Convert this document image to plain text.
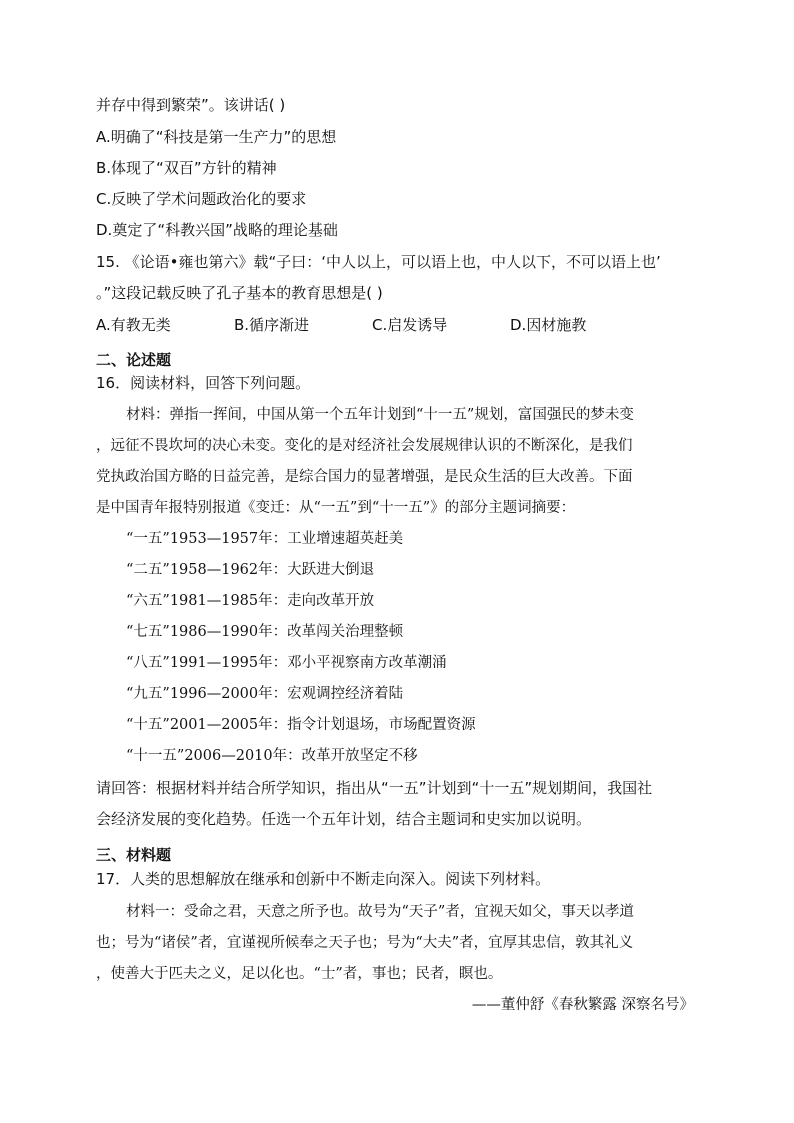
并存中得到繁荣”。该讲话( )
A.明确了“科技是第一生产力”的思想
B.体现了“双百”方针的精神
C.反映了学术问题政治化的要求
D.奠定了“科教兴国”战略的理论基础
15. 《论语•雍也第六》载“子曰：‘中人以上，可以语上也，中人以下，不可以语上也’
。”这段记载反映了孔子基本的教育思想是( )
A.有教无类	B.循序渐进	C.启发诱导	D.因材施教
二、论述题
16．阅读材料，回答下列问题。
材料：弹指一挥间，中国从第一个五年计划到“十一五”规划，富国强民的梦未变
，远征不畏坎坷的决心未变。变化的是对经济社会发展规律认识的不断深化，是我们
党执政治国方略的日益完善，是综合国力的显著增强，是民众生活的巨大改善。下面
是中国青年报特别报道《变迁：从“一五”到“十一五”》的部分主题词摘要：
“一五”1953—1957年：工业增速超英赶美
“二五”1958—1962年：大跃进大倒退
“六五”1981—1985年：走向改革开放
“七五”1986—1990年：改革闯关治理整顿
“八五”1991—1995年：邓小平视察南方改革潮涌
“九五”1996—2000年：宏观调控经济着陆
“十五”2001—2005年：指令计划退场，市场配置资源
“十一五”2006—2010年：改革开放坚定不移
请回答：根据材料并结合所学知识，指出从“一五”计划到“十一五”规划期间，我国社
会经济发展的变化趋势。任选一个五年计划，结合主题词和史实加以说明。
三、材料题
17．人类的思想解放在继承和创新中不断走向深入。阅读下列材料。
材料一：受命之君，天意之所予也。故号为“天子”者，宜视天如父，事天以孝道
也；号为“诸侯”者，宜谨视所候奉之天子也；号为“大夫”者，宜厚其忠信，敦其礼义
，使善大于匹夫之义，足以化也。“士”者，事也；民者，瞑也。
——董仲舒《春秋繁露 深察名号》
